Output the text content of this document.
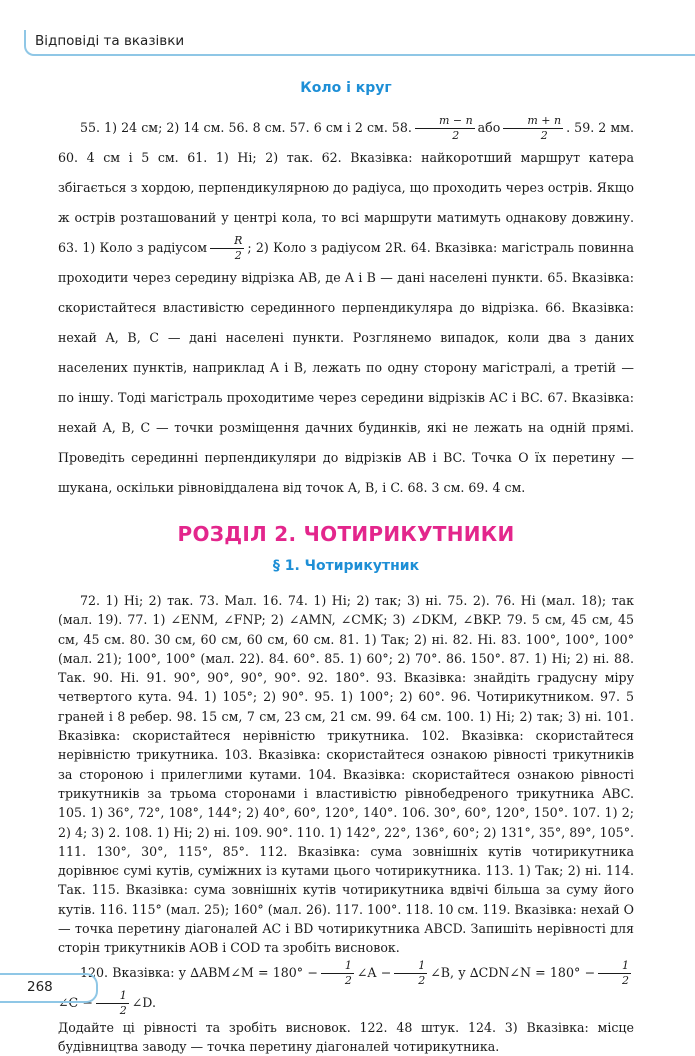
Відповіді та вказівки
Коло і круг

55. 1) 24 см; 2) 14 см. 56. 8 см. 57. 6 см і 2 см. 58. $\frac{m - n}{2}$ або $\frac{m + n}{2}$ . 59. 2 мм. 60. 4 см і 5 см. 61. 1) Ні; 2) так. 62. Вказівка: найкоротший маршрут катера збігається з хордою, перпендикулярною до радіуса, що проходить через острів. Якщо ж острів розташований у центрі кола, то всі маршрути матимуть однакову довжину. 63. 1) Коло з радіусом $\frac{R}{2}$ ; 2) Коло з радіусом 2R. 64. Вказівка: магістраль повинна проходити через середину відрізка AB, де A і B — дані населені пункти. 65. Вказівка: скористайтеся властивістю серединного перпендикуляра до відрізка. 66. Вказівка: нехай A, B, C — дані населені пункти. Розглянемо випадок, коли два з даних населених пунктів, наприклад A і B, лежать по одну сторону магістралі, а третій — по іншу. Тоді магістраль проходитиме через середини відрізків AC і BC. 67. Вказівка: нехай A, B, C — точки розміщення дачних будинків, які не лежать на одній прямі. Проведіть серединні перпендикуляри до відрізків AB і BC. Точка O їх перетину — шукана, оскільки рівновіддалена від точок A, B, і C. 68. 3 см. 69. 4 см.

РОЗДІЛ 2. ЧОТИРИКУТНИКИ
§ 1. Чотирикутник

72. 1) Ні; 2) так. 73. Мал. 16. 74. 1) Ні; 2) так; 3) ні. 75. 2). 76. Ні (мал. 18); так (мал. 19). 77. 1) ∠ENM, ∠FNP; 2) ∠AMN, ∠CMK; 3) ∠DKM, ∠BKP. 79. 5 см, 45 см, 45 см, 45 см. 80. 30 см, 60 см, 60 см, 60 см. 81. 1) Так; 2) ні. 82. Ні. 83. 100°, 100°, 100° (мал. 21); 100°, 100° (мал. 22). 84. 60°. 85. 1) 60°; 2) 70°. 86. 150°. 87. 1) Ні; 2) ні. 88. Так. 90. Ні. 91. 90°, 90°, 90°, 90°. 92. 180°. 93. Вказівка: знайдіть градусну міру четвертого кута. 94. 1) 105°; 2) 90°. 95. 1) 100°; 2) 60°. 96. Чотирикутником. 97. 5 граней і 8 ребер. 98. 15 см, 7 см, 23 см, 21 см. 99. 64 см. 100. 1) Ні; 2) так; 3) ні. 101. Вказівка: скористайтеся нерівністю трикутника. 102. Вказівка: скористайтеся нерівністю трикутника. 103. Вказівка: скористайтеся ознакою рівності трикутників за стороною і прилеглими кутами. 104. Вказівка: скористайтеся ознакою рівності трикутників за трьома сторонами і властивістю рівнобедреного трикутника ABC. 105. 1) 36°, 72°, 108°, 144°; 2) 40°, 60°, 120°, 140°. 106. 30°, 60°, 120°, 150°. 107. 1) 2; 2) 4; 3) 2. 108. 1) Ні; 2) ні. 109. 90°. 110. 1) 142°, 22°, 136°, 60°; 2) 131°, 35°, 89°, 105°. 111. 130°, 30°, 115°, 85°. 112. Вказівка: сума зовнішніх кутів чотирикутника дорівнює сумі кутів, суміжних із кутами цього чотирикутника. 113. 1) Так; 2) ні. 114. Так. 115. Вказівка: сума зовнішніх кутів чотирикутника вдвічі більша за суму його кутів. 116. 115° (мал. 25); 160° (мал. 26). 117. 100°. 118. 10 см. 119. Вказівка: нехай O — точка перетину діагоналей AC і BD чотирикутника ABCD. Запишіть нерівності для сторін трикутників AOB і COD та зробіть висновок.

120. Вказівка: у ∆ABM∠M = $180^\circ - \frac{1}{2}$ ∠A − $\frac{1}{2}$ ∠B, у ∆CDN∠N = $180^\circ - \frac{1}{2}$
∠C − $\frac{1}{2}$ ∠D.

Додайте ці рівності та зробіть висновок. 122. 48 штук. 124. 3) Вказівка: місце будівництва заводу — точка перетину діагоналей чотирикутника.

268
